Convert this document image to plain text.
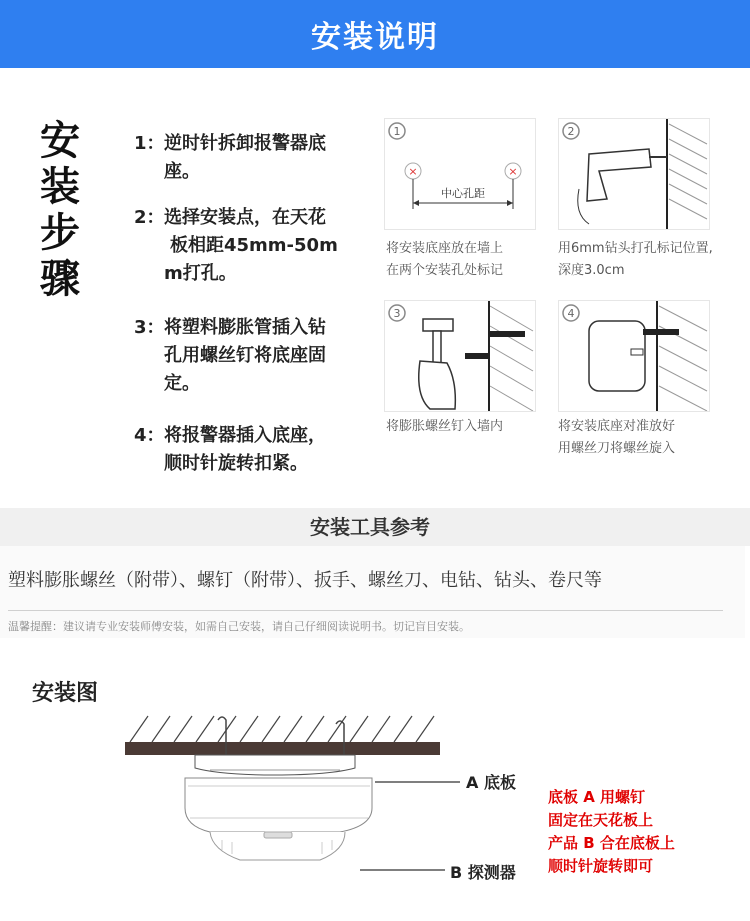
安装说明
安
装
步
骤
1：逆时针拆卸报警器底
座。
2：选择安装点，在天花
板相距45mm-50m
m打孔。
3：将塑料膨胀管插入钻
孔用螺丝钉将底座固
定。
4：将报警器插入底座，
顺时针旋转扣紧。
1
×	×
中心孔距
将安装底座放在墙上
在两个安装孔处标记
2
用6mm钻头打孔标记位置,
深度3.0cm
3
将膨胀螺丝钉入墙内
4
将安装底座对准放好
用螺丝刀将螺丝旋入
安装工具参考
塑料膨胀螺丝（附带）、螺钉（附带）、扳手、螺丝刀、电钻、钻头、卷尺等
温馨提醒：建议请专业安装师傅安装，如需自己安装，请自己仔细阅读说明书。切记盲目安装。
安装图
A 底板
B 探测器
底板 A 用螺钉
固定在天花板上
产品 B 合在底板上
顺时针旋转即可
